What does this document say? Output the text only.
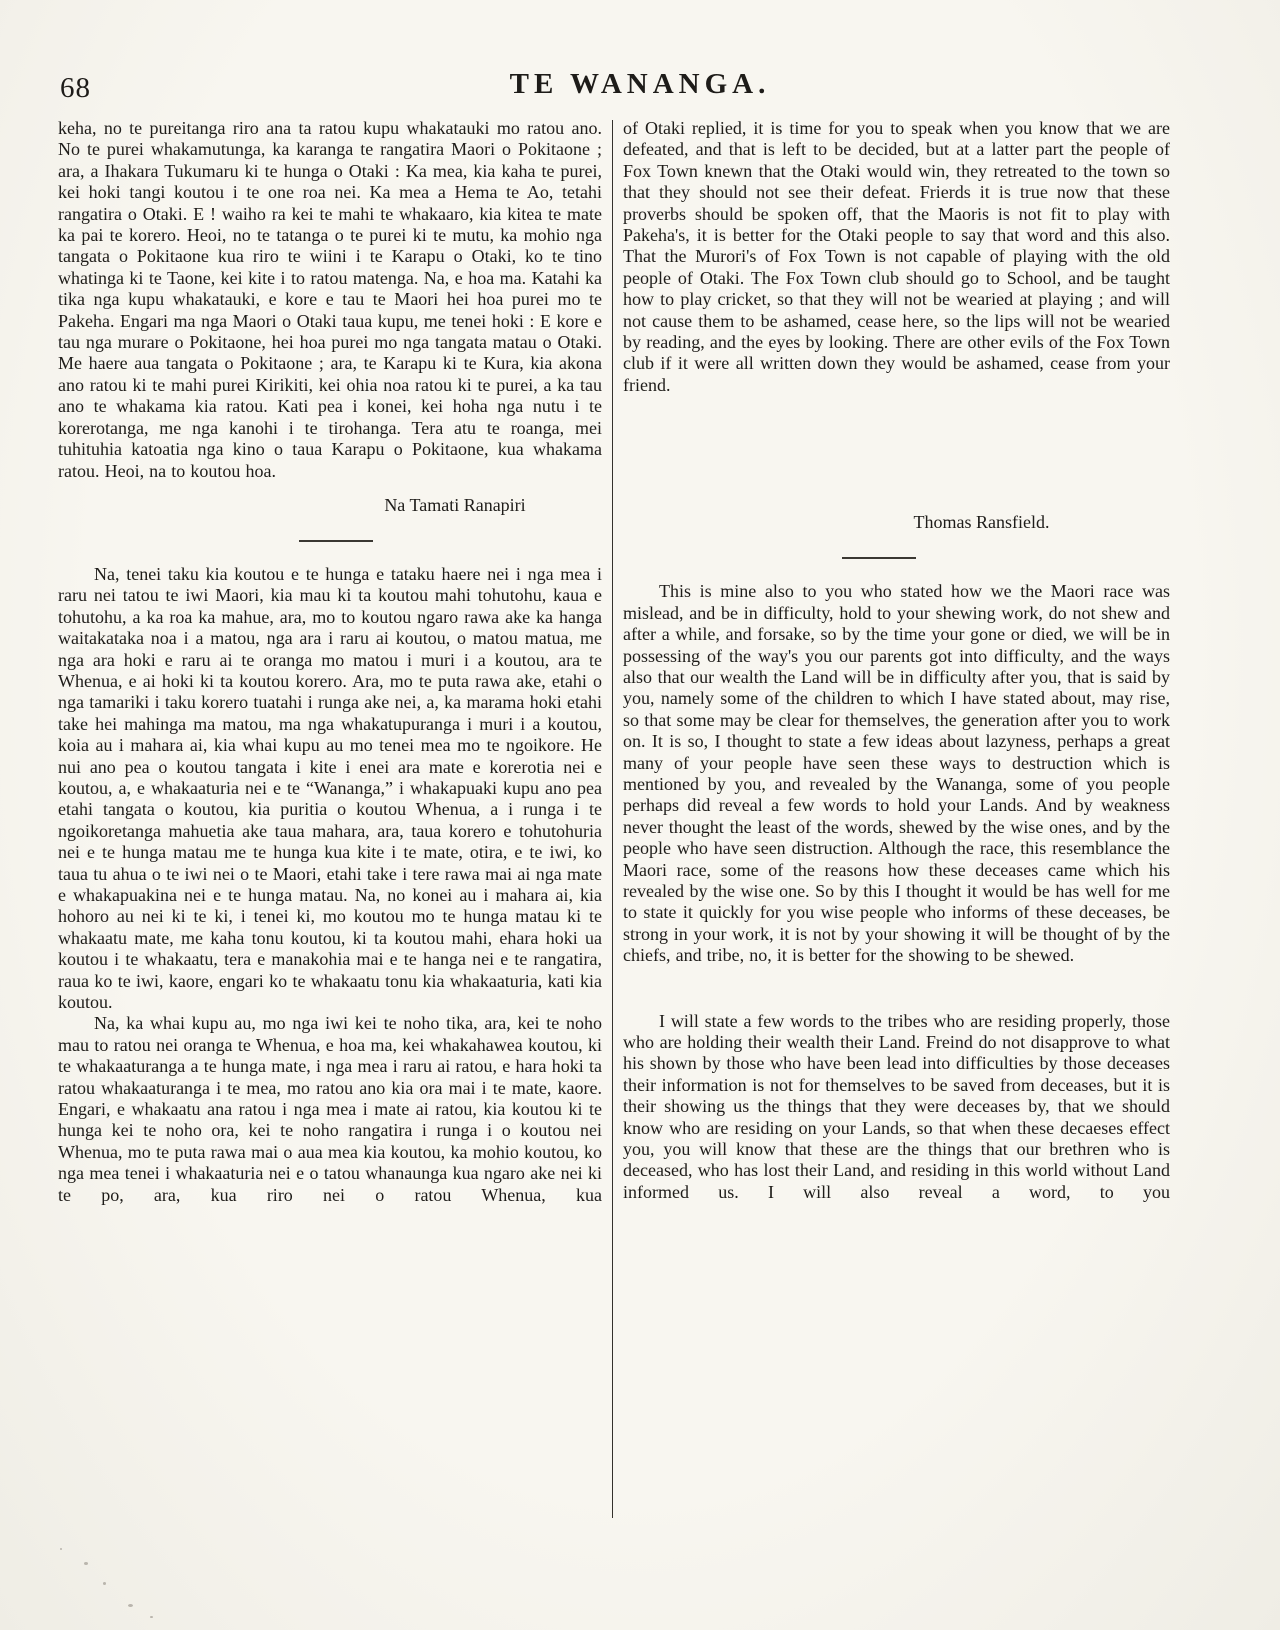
68	TE WANANGA.

keha, no te pureitanga riro ana ta ratou kupu whakatauki mo ratou ano. No te purei whakamutunga, ka karanga te rangatira Maori o Pokitaone ; ara, a Ihakara Tukumaru ki te hunga o Otaki : Ka mea, kia kaha te purei, kei hoki tangi koutou i te one roa nei. Ka mea a Hema te Ao, tetahi rangatira o Otaki. E ! waiho ra kei te mahi te whakaaro, kia kitea te mate ka pai te korero. Heoi, no te tatanga o te purei ki te mutu, ka mohio nga tangata o Pokitaone kua riro te wiini i te Karapu o Otaki, ko te tino whatinga ki te Taone, kei kite i to ratou matenga. Na, e hoa ma. Katahi ka tika nga kupu whakatauki, e kore e tau te Maori hei hoa purei mo te Pakeha. Engari ma nga Maori o Otaki taua kupu, me tenei hoki : E kore e tau nga murare o Pokitaone, hei hoa purei mo nga tangata matau o Otaki. Me haere aua tangata o Pokitaone ; ara, te Karapu ki te Kura, kia akona ano ratou ki te mahi purei Kirikiti, kei ohia noa ratou ki te purei, a ka tau ano te whakama kia ratou. Kati pea i konei, kei hoha nga nutu i te korerotanga, me nga kanohi i te tirohanga. Tera atu te roanga, mei tuhituhia katoatia nga kino o taua Karapu o Pokitaone, kua whakama ratou. Heoi, na to koutou hoa.

Na Tamati Ranapiri

Na, tenei taku kia koutou e te hunga e tataku haere nei i nga mea i raru nei tatou te iwi Maori, kia mau ki ta koutou mahi tohutohu, kaua e tohutohu, a ka roa ka mahue, ara, mo to koutou ngaro rawa ake ka hanga waitakataka noa i a matou, nga ara i raru ai koutou, o matou matua, me nga ara hoki e raru ai te oranga mo matou i muri i a koutou, ara te Whenua, e ai hoki ki ta koutou korero. Ara, mo te puta rawa ake, etahi o nga tamariki i taku korero tuatahi i runga ake nei, a, ka marama hoki etahi take hei mahinga ma matou, ma nga whakatupuranga i muri i a koutou, koia au i mahara ai, kia whai kupu au mo tenei mea mo te ngoikore. He nui ano pea o koutou tangata i kite i enei ara mate e korerotia nei e koutou, a, e whakaaturia nei e te “Wananga,” i whakapuaki kupu ano pea etahi tangata o koutou, kia puritia o koutou Whenua, a i runga i te ngoikoretanga mahuetia ake taua mahara, ara, taua korero e tohutohuria nei e te hunga matau me te hunga kua kite i te mate, otira, e te iwi, ko taua tu ahua o te iwi nei o te Maori, etahi take i tere rawa mai ai nga mate e whakapuakina nei e te hunga matau. Na, no konei au i mahara ai, kia hohoro au nei ki te ki, i tenei ki, mo koutou mo te hunga matau ki te whakaatu mate, me kaha tonu koutou, ki ta koutou mahi, ehara hoki ua koutou i te whakaatu, tera e manakohia mai e te hanga nei e te rangatira, raua ko te iwi, kaore, engari ko te whakaatu tonu kia whakaaturia, kati kia koutou.

Na, ka whai kupu au, mo nga iwi kei te noho tika, ara, kei te noho mau to ratou nei oranga te Whenua, e hoa ma, kei whakahawea koutou, ki te whakaaturanga a te hunga mate, i nga mea i raru ai ratou, e hara hoki ta ratou whakaaturanga i te mea, mo ratou ano kia ora mai i te mate, kaore. Engari, e whakaatu ana ratou i nga mea i mate ai ratou, kia koutou ki te hunga kei te noho ora, kei te noho rangatira i runga i o koutou nei Whenua, mo te puta rawa mai o aua mea kia koutou, ka mohio koutou, ko nga mea tenei i whakaaturia nei e o tatou whanaunga kua ngaro ake nei ki te po, ara, kua riro nei o ratou Whenua, kua

of Otaki replied, it is time for you to speak when you know that we are defeated, and that is left to be decided, but at a latter part the people of Fox Town knewn that the Otaki would win, they retreated to the town so that they should not see their defeat. Frierds it is true now that these proverbs should be spoken off, that the Maoris is not fit to play with Pakeha's, it is better for the Otaki people to say that word and this also. That the Murori's of Fox Town is not capable of playing with the old people of Otaki. The Fox Town club should go to School, and be taught how to play cricket, so that they will not be wearied at playing ; and will not cause them to be ashamed, cease here, so the lips will not be wearied by reading, and the eyes by looking. There are other evils of the Fox Town club if it were all written down they would be ashamed, cease from your friend.

Thomas Ransfield.

This is mine also to you who stated how we the Maori race was mislead, and be in difficulty, hold to your shewing work, do not shew and after a while, and forsake, so by the time your gone or died, we will be in possessing of the way's you our parents got into difficulty, and the ways also that our wealth the Land will be in difficulty after you, that is said by you, namely some of the children to which I have stated about, may rise, so that some may be clear for themselves, the generation after you to work on. It is so, I thought to state a few ideas about lazyness, perhaps a great many of your people have seen these ways to destruction which is mentioned by you, and revealed by the Wananga, some of you people perhaps did reveal a few words to hold your Lands. And by weakness never thought the least of the words, shewed by the wise ones, and by the people who have seen distruction. Although the race, this resemblance the Maori race, some of the reasons how these deceases came which his revealed by the wise one. So by this I thought it would be has well for me to state it quickly for you wise people who informs of these deceases, be strong in your work, it is not by your showing it will be thought of by the chiefs, and tribe, no, it is better for the showing to be shewed.

I will state a few words to the tribes who are residing properly, those who are holding their wealth their Land. Freind do not disapprove to what his shown by those who have been lead into difficulties by those deceases their information is not for themselves to be saved from deceases, but it is their showing us the things that they were deceases by, that we should know who are residing on your Lands, so that when these decaeses effect you, you will know that these are the things that our brethren who is deceased, who has lost their Land, and residing in this world without Land informed us. I will also reveal a word, to you
